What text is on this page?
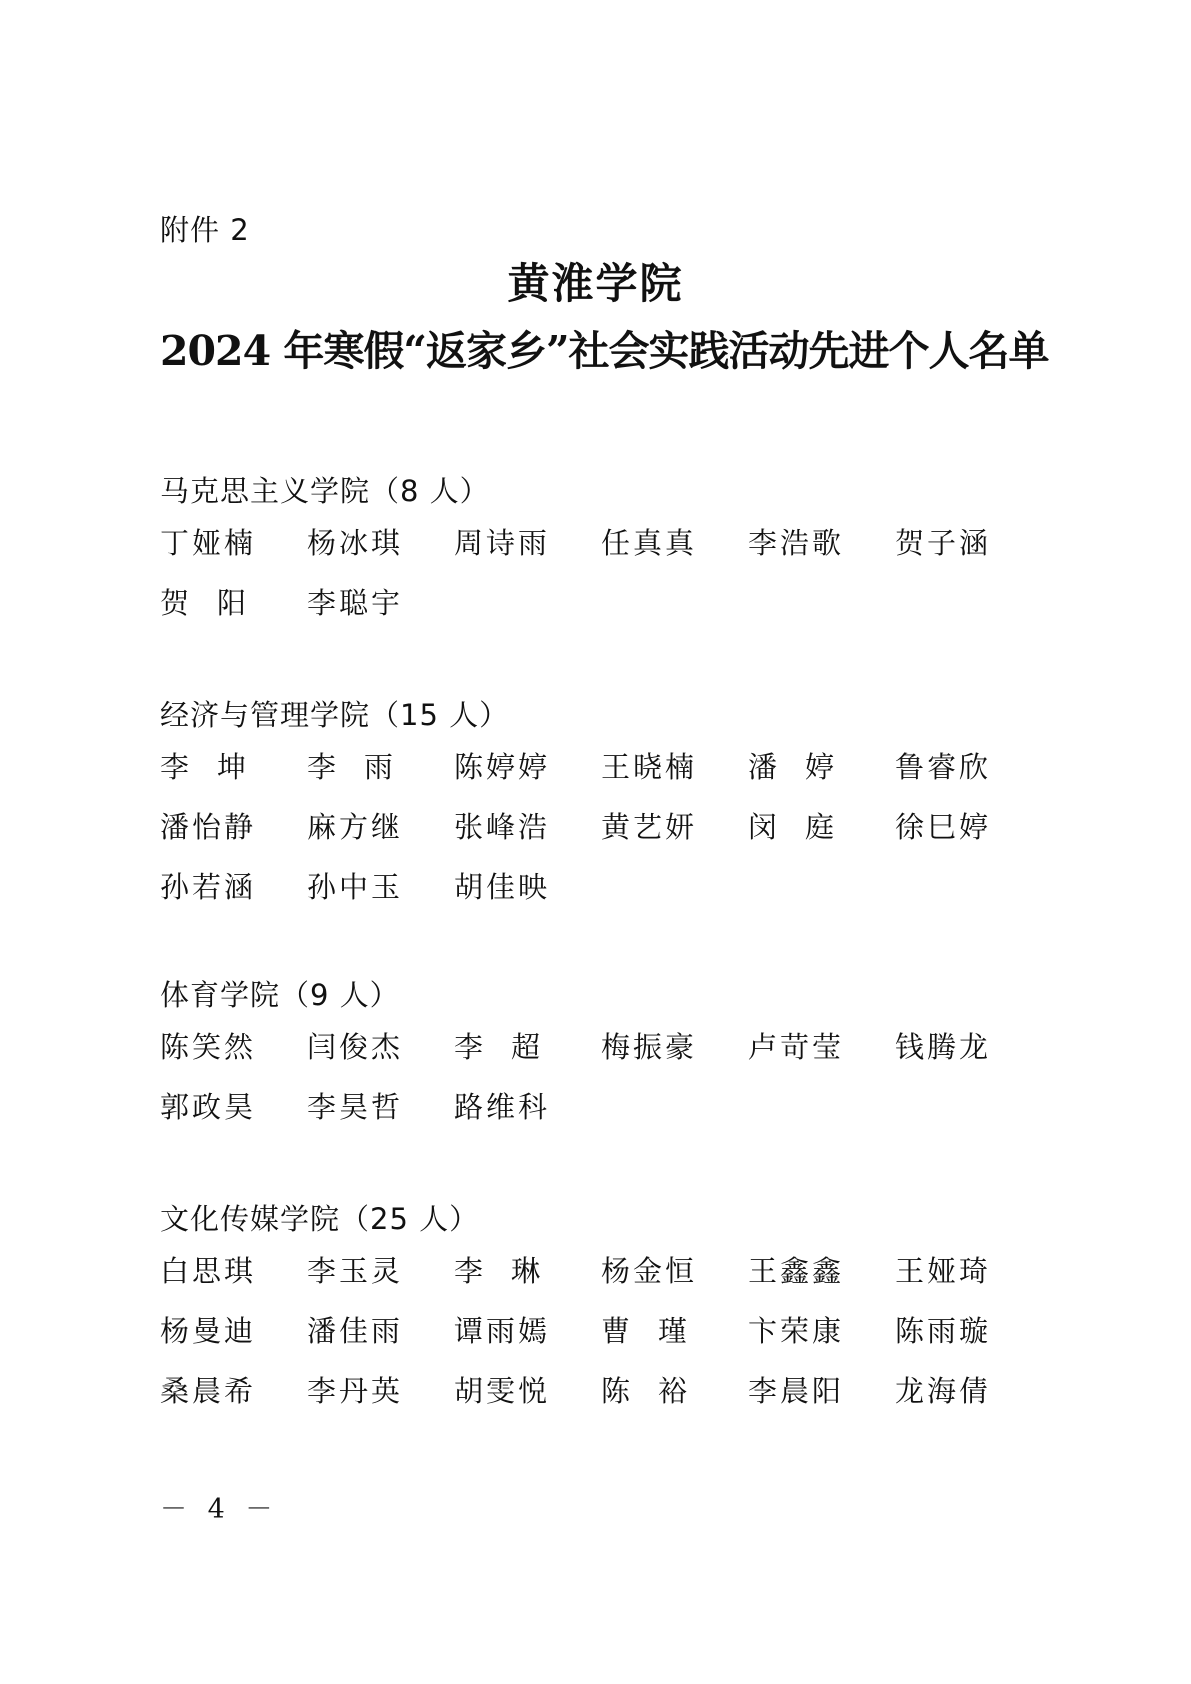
附件 2
黄淮学院
2024 年寒假“返家乡”社会实践活动先进个人名单
马克思主义学院（8 人）
丁娅楠	杨冰琪	周诗雨	任真真	李浩歌	贺子涵
贺阳	李聪宇
经济与管理学院（15 人）
李坤	李雨	陈婷婷	王晓楠	潘婷	鲁睿欣
潘怡静	麻方继	张峰浩	黄艺妍	闵庭	徐巳婷
孙若涵	孙中玉	胡佳映
体育学院（9 人）
陈笑然	闫俊杰	李超	梅振豪	卢苛莹	钱腾龙
郭政昊	李昊哲	路维科
文化传媒学院（25 人）
白思琪	李玉灵	李琳	杨金恒	王鑫鑫	王娅琦
杨曼迪	潘佳雨	谭雨嫣	曹瑾	卞荣康	陈雨璇
桑晨希	李丹英	胡雯悦	陈裕	李晨阳	龙海倩
－ 4 －
